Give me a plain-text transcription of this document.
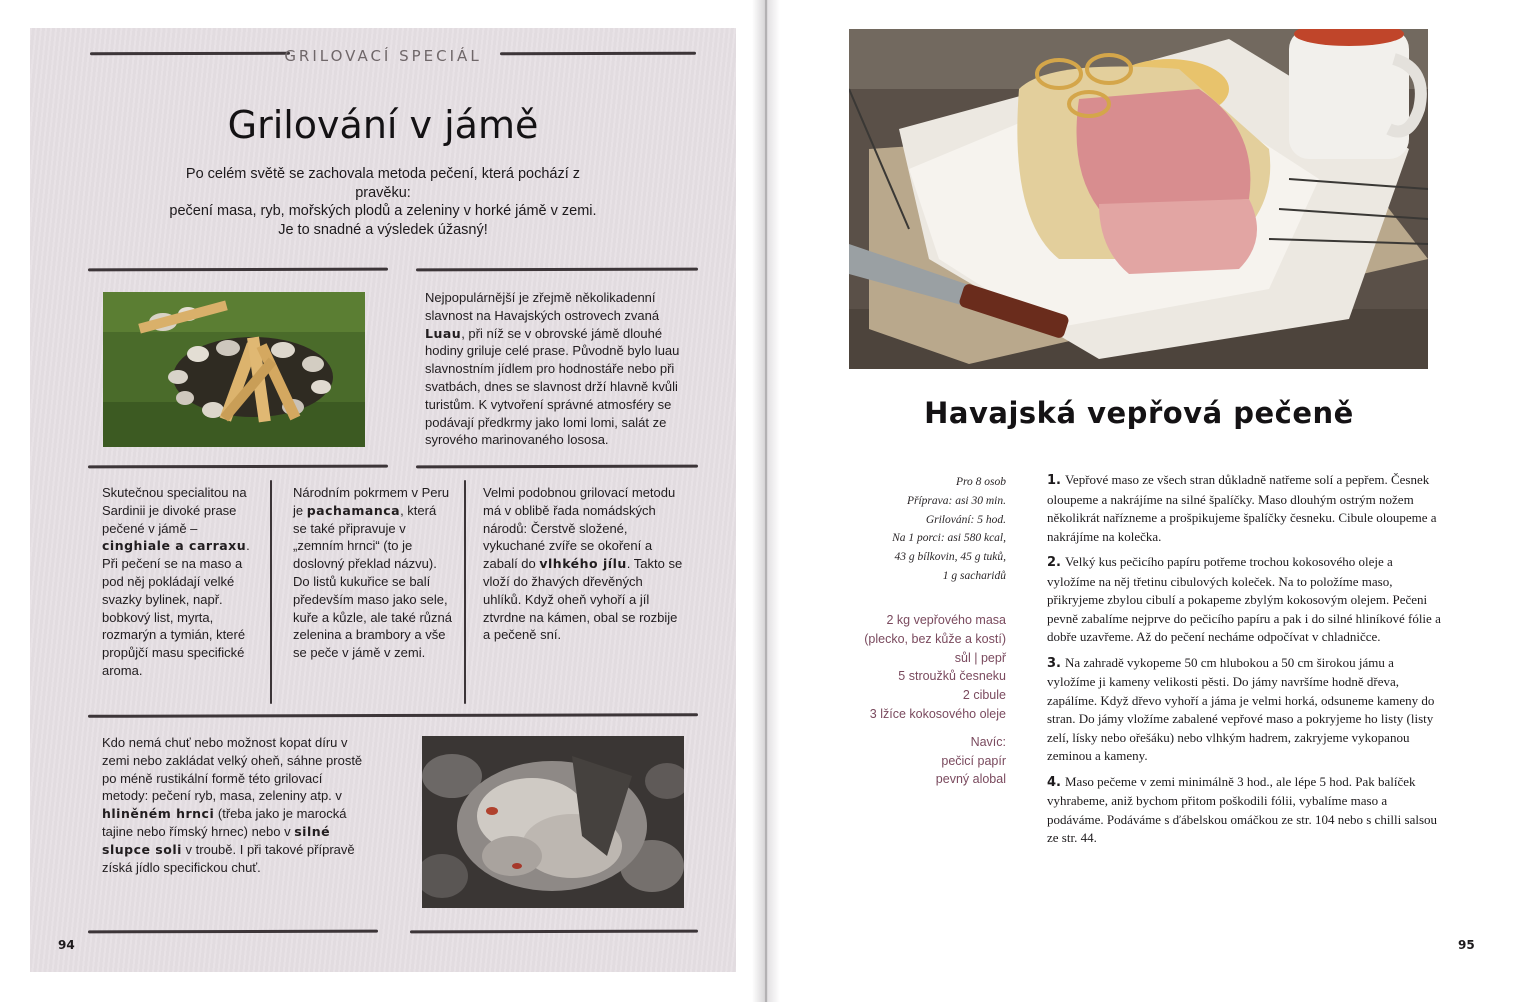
GRILOVACÍ SPECIÁL
Grilování v jámě
Po celém světě se zachovala metoda pečení, která pochází z pravěku:
pečení masa, ryb, mořských plodů a zeleniny v horké jámě v zemi.
Je to snadné a výsledek úžasný!
Nejpopulárnější je zřejmě několikadenní slavnost na Havajských ostrovech zvaná Luau, při níž se v obrovské jámě dlouhé hodiny griluje celé prase. Původně bylo luau slavnostním jídlem pro hodnostáře nebo při svatbách, dnes se slavnost drží hlavně kvůli turistům. K vytvoření správné atmosféry se podávají předkrmy jako lomi lomi, salát ze syrového marinovaného lososa.
Skutečnou specialitou na Sardinii je divoké prase pečené v jámě – cinghiale a carraxu. Při pečení se na maso a pod něj pokládají velké svazky bylinek, např. bobkový list, myrta, rozmarýn a tymián, které propůjčí masu specifické aroma.
Národním pokrmem v Peru je pachamanca, která se také připravuje v „zemním hrnci“ (to je doslovný překlad názvu). Do listů kukuřice se balí především maso jako sele, kuře a kůzle, ale také různá zelenina a brambory a vše se peče v jámě v zemi.
Velmi podobnou grilovací metodu má v oblibě řada nomádských národů: Čerstvě složené, vykuchané zvíře se okoření a zabalí do vlhkého jílu. Takto se vloží do žhavých dřevěných uhlíků. Když oheň vyhoří a jíl ztvrdne na kámen, obal se rozbije a pečeně sní.
Kdo nemá chuť nebo možnost kopat díru v zemi nebo zakládat velký oheň, sáhne prostě po méně rustikální formě této grilovací metody: pečení ryb, masa, zeleniny atp. v hliněném hrnci (třeba jako je marocká tajine nebo římský hrnec) nebo v silné slupce soli v troubě. I při takové přípravě získá jídlo specifickou chuť.
94
Havajská vepřová pečeně
Pro 8 osob
Příprava: asi 30 min.
Grilování: 5 hod.
Na 1 porci: asi 580 kcal,
43 g bílkovin, 45 g tuků,
1 g sacharidů
2 kg vepřového masa
(plecko, bez kůže a kostí)
sůl | pepř
5 stroužků česneku
2 cibule
3 lžíce kokosového oleje
Navíc:
pečicí papír
pevný alobal
1. Vepřové maso ze všech stran důkladně natřeme solí a pepřem. Česnek oloupeme a nakrájíme na silné špalíčky. Maso dlouhým ostrým nožem několikrát nařízneme a prošpikujeme špalíčky česneku. Cibule oloupeme a nakrájíme na kolečka.
2. Velký kus pečicího papíru potřeme trochou kokosového oleje a vyložíme na něj třetinu cibulových koleček. Na to položíme maso, přikryjeme zbylou cibulí a pokapeme zbylým kokosovým olejem. Pečeni pevně zabalíme nejprve do pečicího papíru a pak i do silné hliníkové fólie a dobře uzavřeme. Až do pečení necháme odpočívat v chladničce.
3. Na zahradě vykopeme 50 cm hlubokou a 50 cm širokou jámu a vyložíme ji kameny velikosti pěsti. Do jámy navršíme hodně dřeva, zapálíme. Když dřevo vyhoří a jáma je velmi horká, odsuneme kameny do stran. Do jámy vložíme zabalené vepřové maso a pokryjeme ho listy (listy zelí, lísky nebo ořešáku) nebo vlhkým hadrem, zakryjeme vykopanou zeminou a kameny.
4. Maso pečeme v zemi minimálně 3 hod., ale lépe 5 hod. Pak balíček vyhrabeme, aniž bychom přitom poškodili fólii, vybalíme maso a podáváme. Podáváme s ďábelskou omáčkou ze str. 104 nebo s chilli salsou ze str. 44.
95
